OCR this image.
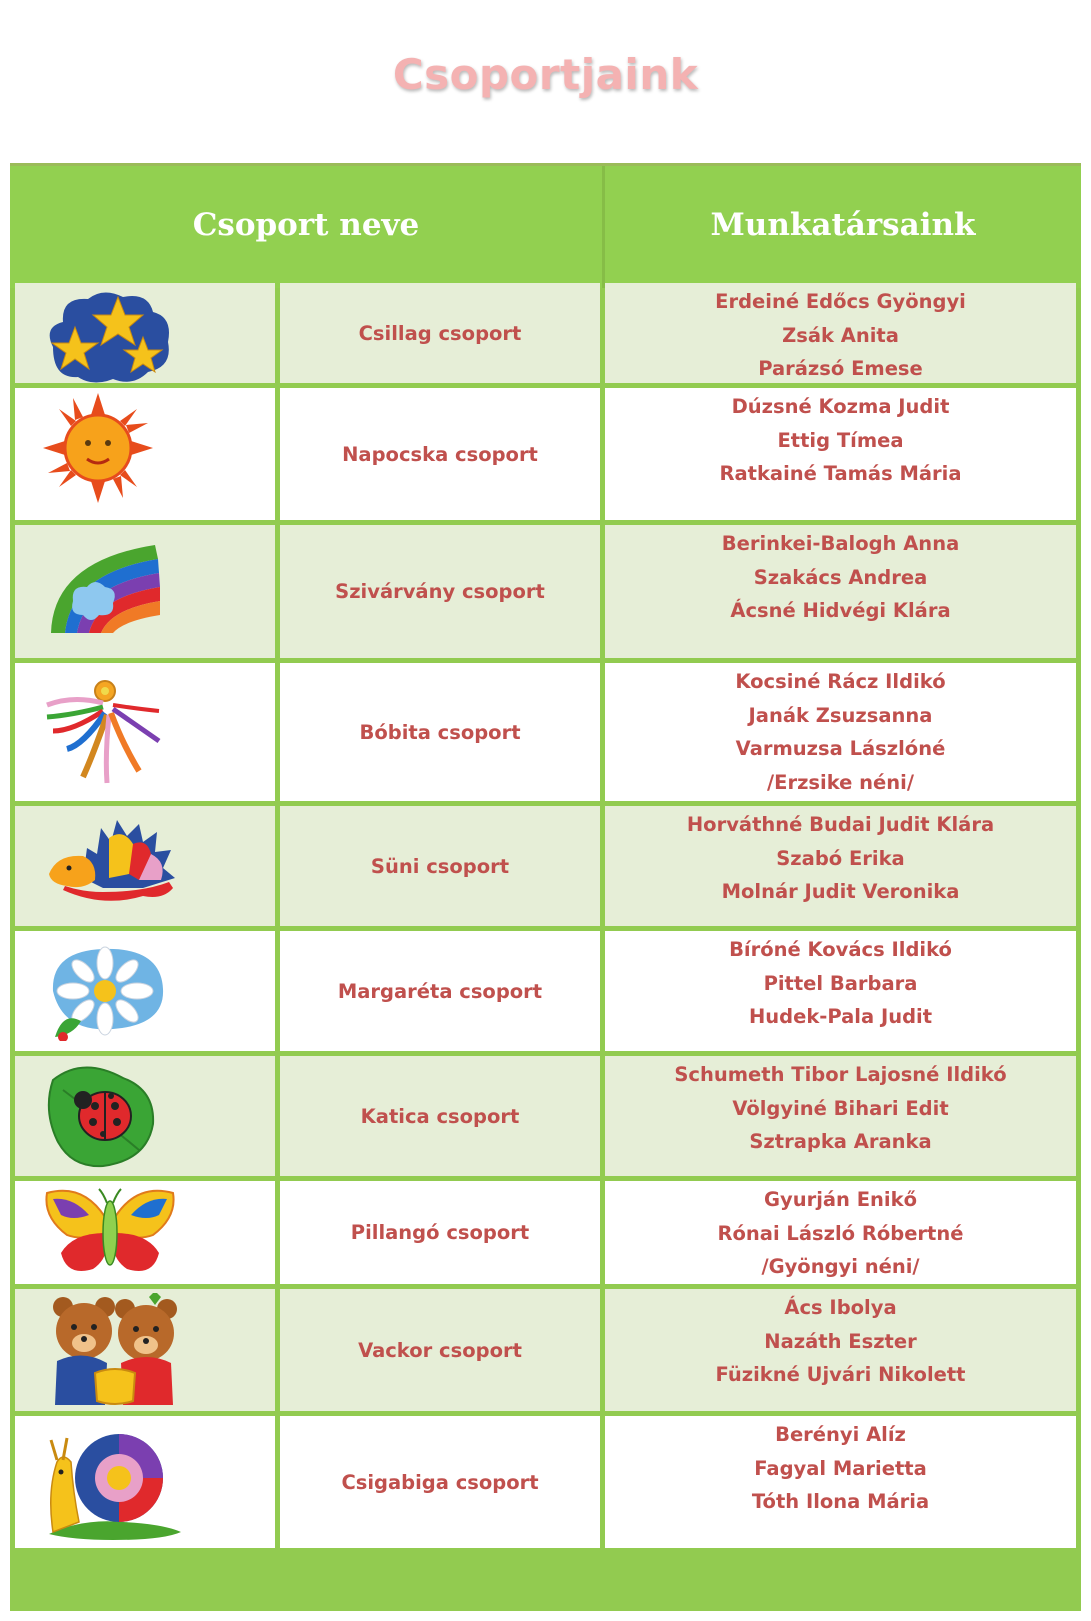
Csoportjaink
Csoport neve	Munkatársaink
Csillag csoport
Erdeiné Edőcs Gyöngyi
Zsák Anita
Parázsó Emese
Napocska csoport
Dúzsné Kozma Judit
Ettig Tímea
Ratkainé Tamás Mária
Szivárvány csoport
Berinkei-Balogh Anna
Szakács Andrea
Ácsné Hidvégi Klára
Bóbita csoport
Kocsiné Rácz Ildikó
Janák Zsuzsanna
Varmuzsa Lászlóné
/Erzsike néni/
Süni csoport
Horváthné Budai Judit Klára
Szabó Erika
Molnár Judit Veronika
Margaréta csoport
Bíróné Kovács Ildikó
Pittel Barbara
Hudek-Pala Judit
Katica csoport
Schumeth Tibor Lajosné Ildikó
Völgyiné Bihari Edit
Sztrapka Aranka
Pillangó csoport
Gyurján Enikő
Rónai László Róbertné
/Gyöngyi néni/
Vackor csoport
Ács Ibolya
Nazáth Eszter
Füzikné Ujvári Nikolett
Csigabiga csoport
Berényi Alíz
Fagyal Marietta
Tóth Ilona Mária
